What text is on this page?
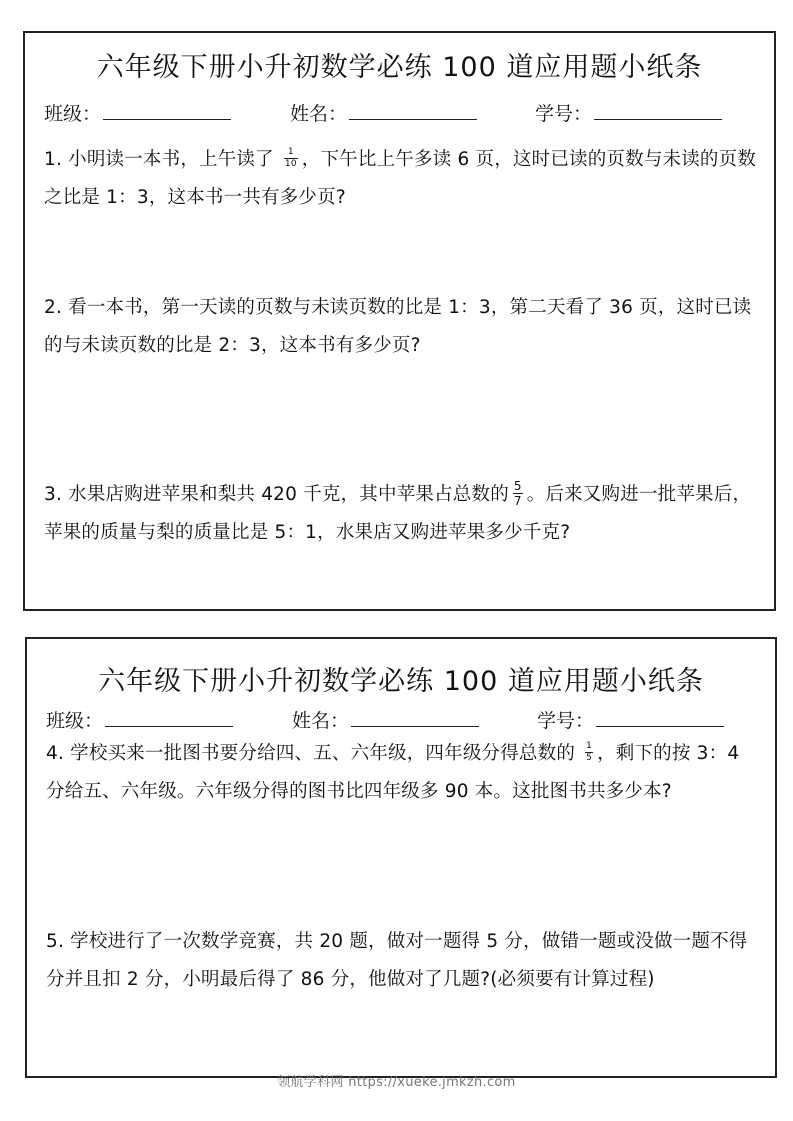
六年级下册小升初数学必练 100 道应用题小纸条
班级：	姓名：	学号：
1. 小明读一本书，上午读了 $\frac{1}{10}$ ，下午比上午多读 6 页，这时已读的页数与未读的页数之比是 1：3，这本书一共有多少页?
2. 看一本书，第一天读的页数与未读页数的比是 1：3，第二天看了 36 页，这时已读的与未读页数的比是 2：3，这本书有多少页?
3. 水果店购进苹果和梨共 420 千克，其中苹果占总数的 $\frac{5}{7}$ 。后来又购进一批苹果后，苹果的质量与梨的质量比是 5：1，水果店又购进苹果多少千克?
六年级下册小升初数学必练 100 道应用题小纸条
班级：	姓名：	学号：
4. 学校买来一批图书要分给四、五、六年级，四年级分得总数的 $\frac{1}{5}$ ，剩下的按 3：4 分给五、六年级。六年级分得的图书比四年级多 90 本。这批图书共多少本?
5. 学校进行了一次数学竞赛，共 20 题，做对一题得 5 分，做错一题或没做一题不得分并且扣 2 分，小明最后得了 86 分，他做对了几题?(必须要有计算过程)
领航学科网 https://xueke.jmkzh.com
